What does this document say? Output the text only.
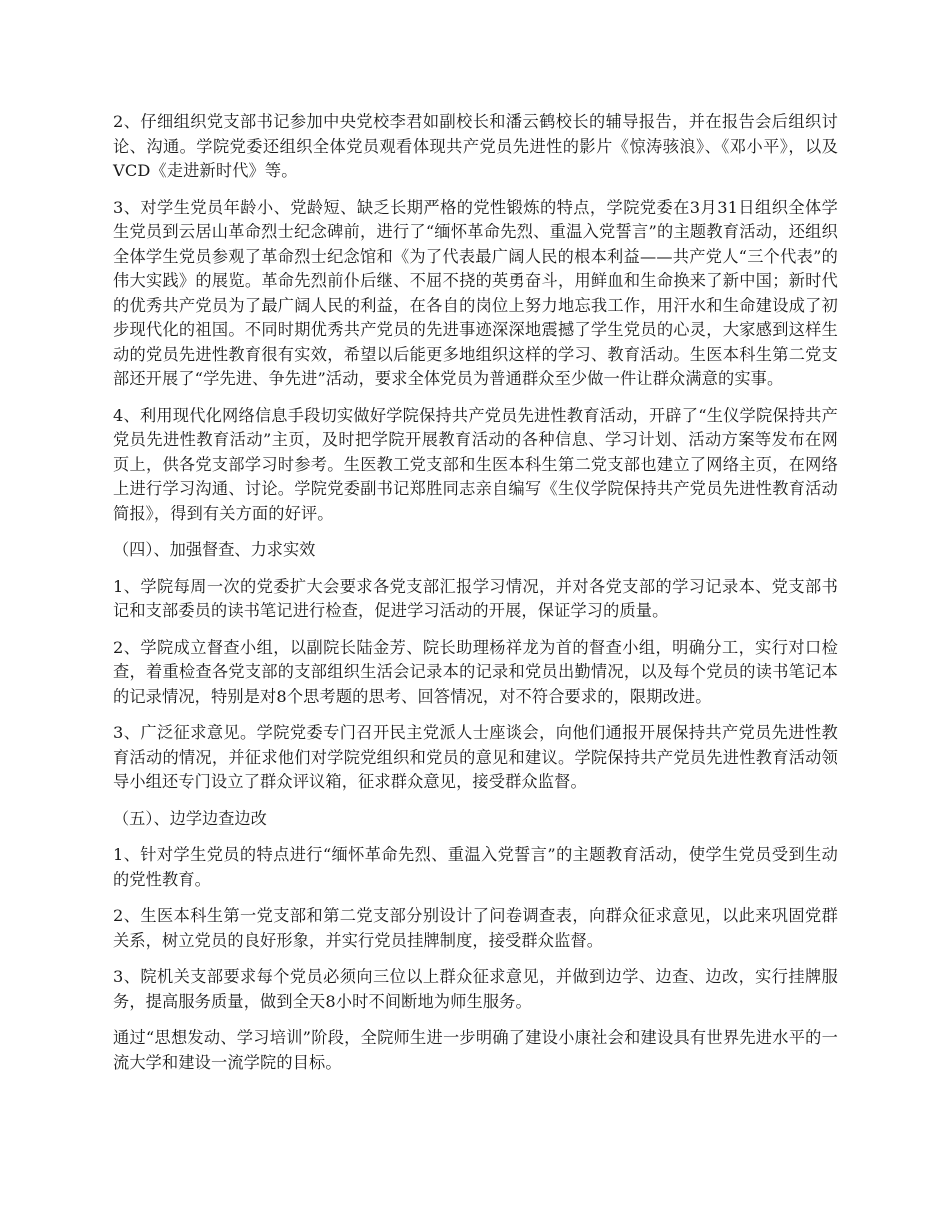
2、仔细组织党支部书记参加中央党校李君如副校长和潘云鹤校长的辅导报告，并在报告会后组织讨论、沟通。学院党委还组织全体党员观看体现共产党员先进性的影片《惊涛骇浪》、《邓小平》，以及VCD《走进新时代》等。

3、对学生党员年龄小、党龄短、缺乏长期严格的党性锻炼的特点，学院党委在3月31日组织全体学生党员到云居山革命烈士纪念碑前，进行了“缅怀革命先烈、重温入党誓言”的主题教育活动，还组织全体学生党员参观了革命烈士纪念馆和《为了代表最广阔人民的根本利益——共产党人“三个代表”的伟大实践》的展览。革命先烈前仆后继、不屈不挠的英勇奋斗，用鲜血和生命换来了新中国；新时代的优秀共产党员为了最广阔人民的利益，在各自的岗位上努力地忘我工作，用汗水和生命建设成了初步现代化的祖国。不同时期优秀共产党员的先进事迹深深地震撼了学生党员的心灵，大家感到这样生动的党员先进性教育很有实效，希望以后能更多地组织这样的学习、教育活动。生医本科生第二党支部还开展了“学先进、争先进”活动，要求全体党员为普通群众至少做一件让群众满意的实事。

4、利用现代化网络信息手段切实做好学院保持共产党员先进性教育活动，开辟了“生仪学院保持共产党员先进性教育活动”主页，及时把学院开展教育活动的各种信息、学习计划、活动方案等发布在网页上，供各党支部学习时参考。生医教工党支部和生医本科生第二党支部也建立了网络主页，在网络上进行学习沟通、讨论。学院党委副书记郑胜同志亲自编写《生仪学院保持共产党员先进性教育活动简报》，得到有关方面的好评。

（四）、加强督查、力求实效

1、学院每周一次的党委扩大会要求各党支部汇报学习情况，并对各党支部的学习记录本、党支部书记和支部委员的读书笔记进行检查，促进学习活动的开展，保证学习的质量。

2、学院成立督查小组，以副院长陆金芳、院长助理杨祥龙为首的督查小组，明确分工，实行对口检查，着重检查各党支部的支部组织生活会记录本的记录和党员出勤情况，以及每个党员的读书笔记本的记录情况，特别是对8个思考题的思考、回答情况，对不符合要求的，限期改进。

3、广泛征求意见。学院党委专门召开民主党派人士座谈会，向他们通报开展保持共产党员先进性教育活动的情况，并征求他们对学院党组织和党员的意见和建议。学院保持共产党员先进性教育活动领导小组还专门设立了群众评议箱，征求群众意见，接受群众监督。

（五）、边学边查边改

1、针对学生党员的特点进行“缅怀革命先烈、重温入党誓言”的主题教育活动，使学生党员受到生动的党性教育。

2、生医本科生第一党支部和第二党支部分别设计了问卷调查表，向群众征求意见，以此来巩固党群关系，树立党员的良好形象，并实行党员挂牌制度，接受群众监督。

3、院机关支部要求每个党员必须向三位以上群众征求意见，并做到边学、边查、边改，实行挂牌服务，提高服务质量，做到全天8小时不间断地为师生服务。

通过“思想发动、学习培训”阶段，全院师生进一步明确了建设小康社会和建设具有世界先进水平的一流大学和建设一流学院的目标。
